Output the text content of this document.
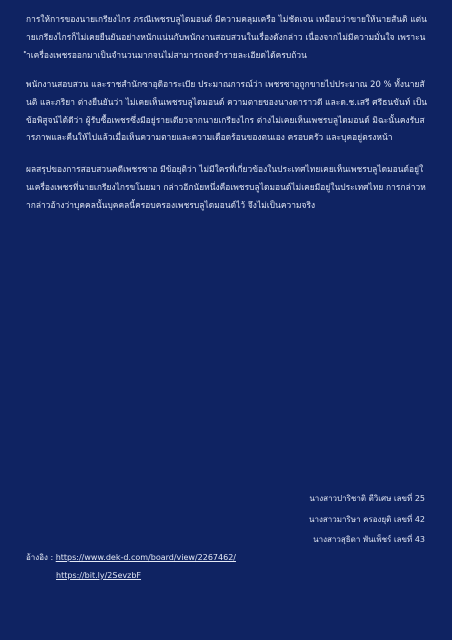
การให้การของนายเกรียงไกร ภรณีเพชรบลูไดมอนด์ มีความคลุมเครือ ไม่ชัดเจน เหมือนว่าขายให้นายสันติ แต่นายเกรียงไกรก็ไม่เคยยืนยันอย่างหนักแน่นกับพนักงานสอบสวนในเรื่องดังกล่าว เนื่องจากไม่มีความมั่นใจ เพราะนำเครื่องเพชรออกมาเป็นจำนวนมากจนไม่สามารถจดจำรายละเอียดได้ครบถ้วน

พนักงานสอบสวน และราชสำนักซาอุดิอาระเบีย ประมาณการณ์ว่า เพชรซาอุถูกขายไปประมาณ 20 % ทั้งนายสันติ และภริยา ต่างยืนยันว่า ไม่เคยเห็นเพชรบลูไดมอนด์ ความตายของนางดาราวดี และด.ช.เสรี ศรีธนขันท์ เป็นข้อพิสูจน์ได้ดีว่า ผู้รับซื้อเพชรซึ่งมีอยู่รายเดียวจากนายเกรียงไกร ต่างไม่เคยเห็นเพชรบลูไดมอนด์ มิฉะนั้นคงรับสารภาพและคืนให้ไปแล้วเมื่อเห็นความตายและความเดือดร้อนของตนเอง ครอบครัว และบุคอยู่ตรงหน้า

ผลสรุปของการสอบสวนคดีเพชรซาอ มีข้อยุติว่า ไม่มีใครที่เกี่ยวข้องในประเทศไทยเคยเห็นเพชรบลูไดมอนด์อยู่ในเครื่องเพชรที่นายเกรียงไกรขโมยมา กล่าวอีกนัยหนึ่งคือเพชรบลูไดมอนด์ไม่เคยมีอยู่ในประเทศไทย การกล่าวหากล่าวอ้างว่าบุคคลนั้นบุคคลนี้ครอบครองเพชรบลูไดมอนด์ไว้ จึงไม่เป็นความจริง

นางสาวปาริชาติ ตีวิเศษ เลขที่ 25
นางสาวมาริษา ครองยุติ เลขที่ 42
นางสาวสุธิดา พันเพ็ชร์ เลขที่ 43
อ้างอิง : https://www.dek-d.com/board/view/2267462/
https://bit.ly/2SevzbF
